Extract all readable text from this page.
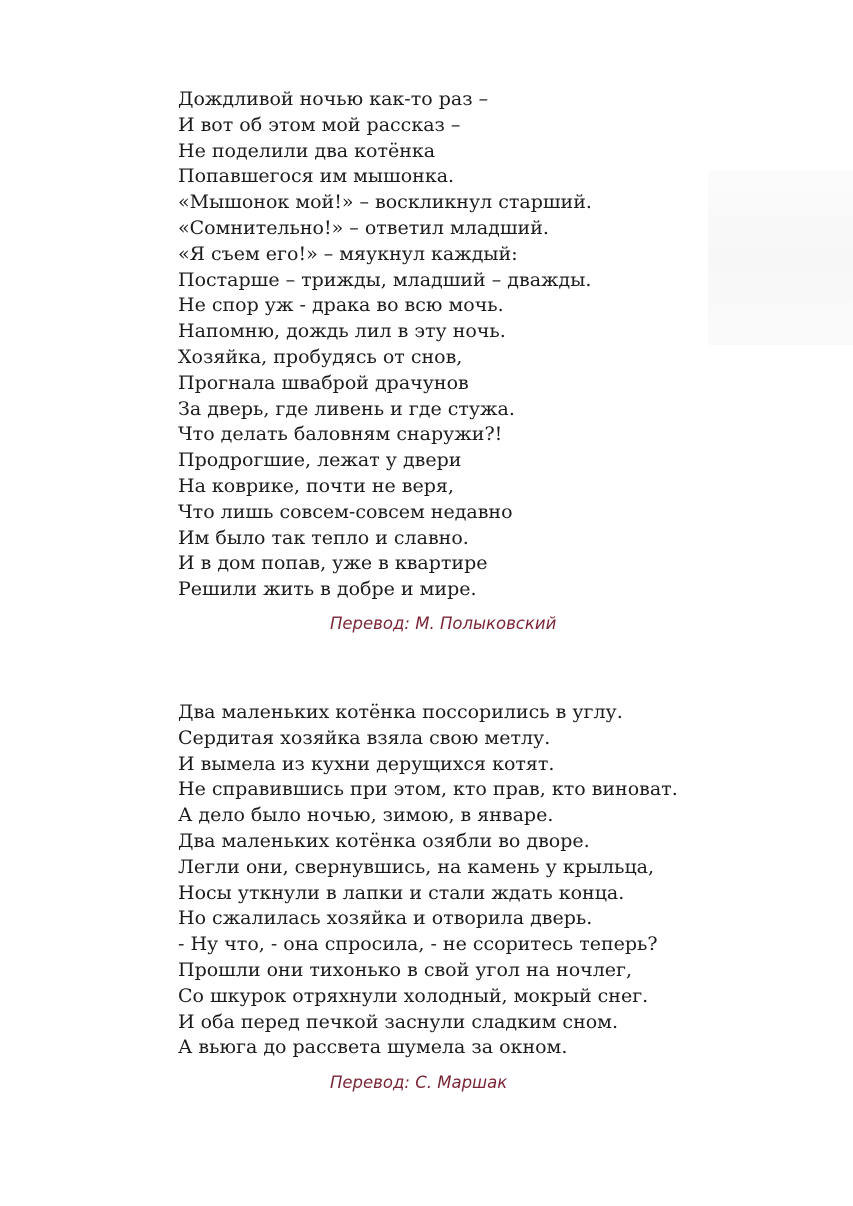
Дождливой ночью как-то раз –
И вот об этом мой рассказ –
Не поделили два котёнка
Попавшегося им мышонка.
«Мышонок мой!» – воскликнул старший.
«Сомнительно!» – ответил младший.
«Я съем его!» – мяукнул каждый:
Постарше – трижды, младший – дважды.
Не спор уж - драка во всю мочь.
Напомню, дождь лил в эту ночь.
Хозяйка, пробудясь от снов,
Прогнала шваброй драчунов
За дверь, где ливень и где стужа.
Что делать баловням снаружи?!
Продрогшие, лежат у двери
На коврике, почти не веря,
Что лишь совсем-совсем недавно
Им было так тепло и славно.
И в дом попав, уже в квартире
Решили жить в добре и мире.
Перевод: М. Полыковский
Два маленьких котёнка поссорились в углу.
Сердитая хозяйка взяла свою метлу.
И вымела из кухни дерущихся котят.
Не справившись при этом, кто прав, кто виноват.
А дело было ночью, зимою, в январе.
Два маленьких котёнка озябли во дворе.
Легли они, свернувшись, на камень у крыльца,
Носы уткнули в лапки и стали ждать конца.
Но сжалилась хозяйка и отворила дверь.
- Ну что, - она спросила, - не ссоритесь теперь?
Прошли они тихонько в свой угол на ночлег,
Со шкурок отряхнули холодный, мокрый снег.
И оба перед печкой заснули сладким сном.
А вьюга до рассвета шумела за окном.
Перевод: С. Маршак
